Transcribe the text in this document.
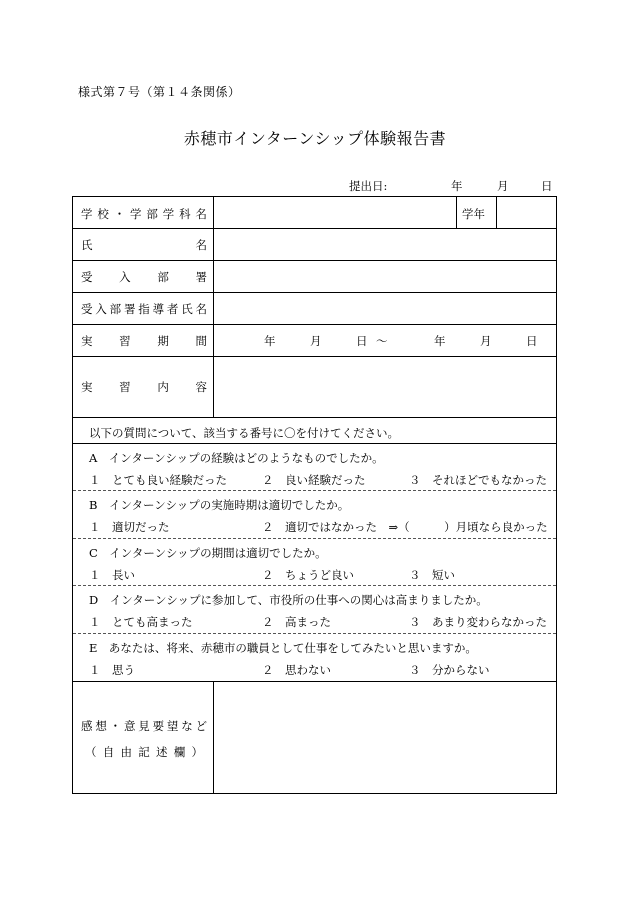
様式第７号（第１４条関係）
赤穂市インターンシップ体験報告書
提出日:	年	月	日
学 校 ・ 学 部 学 科 名	学年
氏	名
受 入 部 署
受 入 部 署 指 導 者 氏 名
実 習 期 間	年	月	日 ～	年	月	日
実 習 内 容
以下の質問について、該当する番号に〇を付けてください。
A　インターンシップの経験はどのようなものでしたか。
１　とても良い経験だった	２　良い経験だった	３　それほどでもなかった
B　インターンシップの実施時期は適切でしたか。
１　適切だった	２　適切ではなかった　⇒（　　　）月頃なら良かった
C　インターンシップの期間は適切でしたか。
１　長い	２　ちょうど良い	３　短い
D　インターンシップに参加して、市役所の仕事への関心は高まりましたか。
１　とても高まった	２　高まった	３　あまり変わらなかった
E　あなたは、将来、赤穂市の職員として仕事をしてみたいと思いますか。
１　思う	２　思わない	３　分からない
感 想 ・ 意 見 要 望 な ど
（ 自 由 記 述 欄 ）
